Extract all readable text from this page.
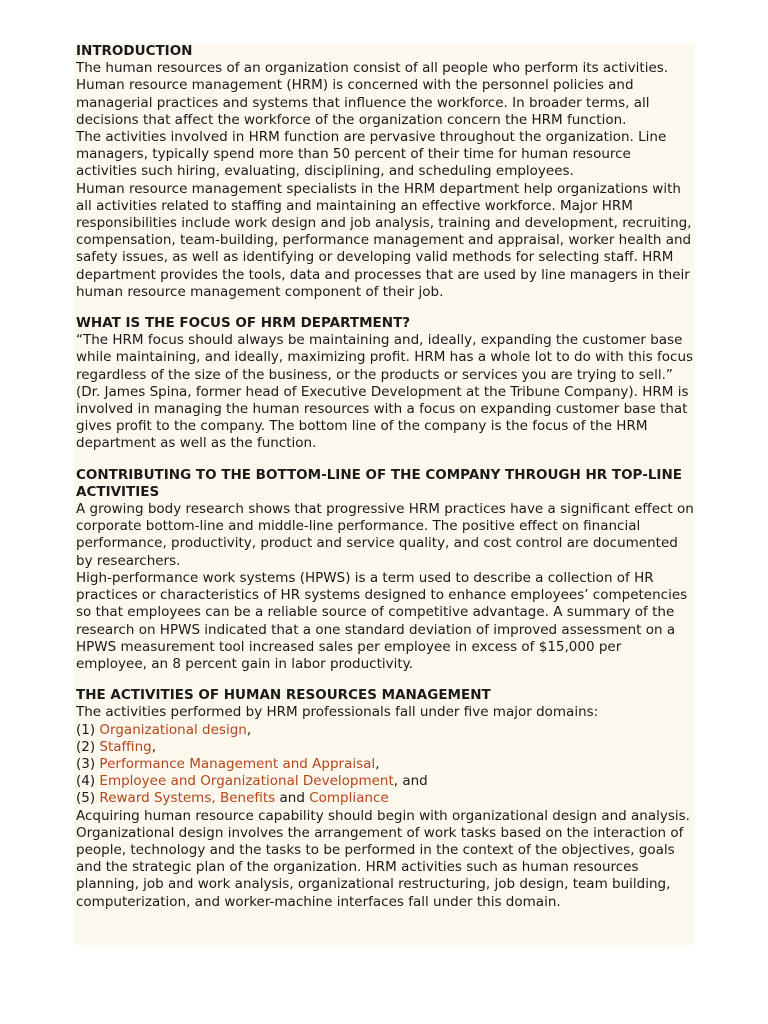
INTRODUCTION

The human resources of an organization consist of all people who perform its activities.

Human resource management (HRM) is concerned with the personnel policies and managerial practices and systems that influence the workforce. In broader terms, all decisions that affect the workforce of the organization concern the HRM function.

The activities involved in HRM function are pervasive throughout the organization. Line managers, typically spend more than 50 percent of their time for human resource activities such hiring, evaluating, disciplining, and scheduling employees.

Human resource management specialists in the HRM department help organizations with all activities related to staffing and maintaining an effective workforce. Major HRM responsibilities include work design and job analysis, training and development, recruiting, compensation, team-building, performance management and appraisal, worker health and safety issues, as well as identifying or developing valid methods for selecting staff. HRM department provides the tools, data and processes that are used by line managers in their human resource management component of their job.

WHAT IS THE FOCUS OF HRM DEPARTMENT?

“The HRM focus should always be maintaining and, ideally, expanding the customer base while maintaining, and ideally, maximizing profit. HRM has a whole lot to do with this focus regardless of the size of the business, or the products or services you are trying to sell.” (Dr. James Spina, former head of Executive Development at the Tribune Company). HRM is involved in managing the human resources with a focus on expanding customer base that gives profit to the company. The bottom line of the company is the focus of the HRM department as well as the function.

CONTRIBUTING TO THE BOTTOM-LINE OF THE COMPANY THROUGH HR TOP-LINE ACTIVITIES

A growing body research shows that progressive HRM practices have a significant effect on corporate bottom-line and middle-line performance. The positive effect on financial performance, productivity, product and service quality, and cost control are documented by researchers.

High-performance work systems (HPWS) is a term used to describe a collection of HR practices or characteristics of HR systems designed to enhance employees’ competencies so that employees can be a reliable source of competitive advantage. A summary of the research on HPWS indicated that a one standard deviation of improved assessment on a HPWS measurement tool increased sales per employee in excess of $15,000 per employee, an 8 percent gain in labor productivity.

THE ACTIVITIES OF HUMAN RESOURCES MANAGEMENT

The activities performed by HRM professionals fall under five major domains:

(1) Organizational design,
(2) Staffing,
(3) Performance Management and Appraisal,
(4) Employee and Organizational Development, and
(5) Reward Systems, Benefits and Compliance

Acquiring human resource capability should begin with organizational design and analysis. Organizational design involves the arrangement of work tasks based on the interaction of people, technology and the tasks to be performed in the context of the objectives, goals and the strategic plan of the organization. HRM activities such as human resources planning, job and work analysis, organizational restructuring, job design, team building, computerization, and worker-machine interfaces fall under this domain.
